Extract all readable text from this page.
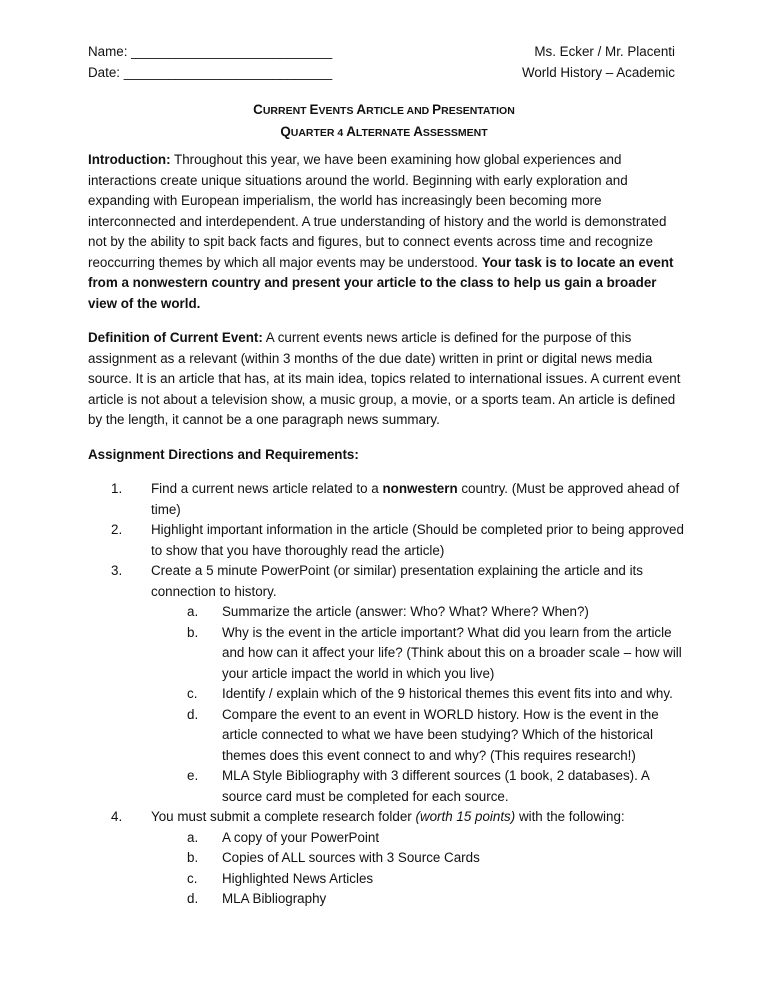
Name: ___________________________
Date: ____________________________
Ms. Ecker / Mr. Placenti
World History – Academic
CURRENT EVENTS ARTICLE AND PRESENTATION
QUARTER 4 ALTERNATE ASSESSMENT

Introduction: Throughout this year, we have been examining how global experiences and interactions create unique situations around the world. Beginning with early exploration and expanding with European imperialism, the world has increasingly been becoming more interconnected and interdependent. A true understanding of history and the world is demonstrated not by the ability to spit back facts and figures, but to connect events across time and recognize reoccurring themes by which all major events may be understood. Your task is to locate an event from a nonwestern country and present your article to the class to help us gain a broader view of the world.

Definition of Current Event: A current events news article is defined for the purpose of this assignment as a relevant (within 3 months of the due date) written in print or digital news media source. It is an article that has, at its main idea, topics related to international issues. A current event article is not about a television show, a music group, a movie, or a sports team. An article is defined by the length, it cannot be a one paragraph news summary.

Assignment Directions and Requirements:
1. Find a current news article related to a nonwestern country. (Must be approved ahead of time)
2. Highlight important information in the article (Should be completed prior to being approved to show that you have thoroughly read the article)
3. Create a 5 minute PowerPoint (or similar) presentation explaining the article and its connection to history.
a. Summarize the article (answer: Who? What? Where? When?)
b. Why is the event in the article important? What did you learn from the article and how can it affect your life? (Think about this on a broader scale – how will your article impact the world in which you live)
c. Identify / explain which of the 9 historical themes this event fits into and why.
d. Compare the event to an event in WORLD history. How is the event in the article connected to what we have been studying? Which of the historical themes does this event connect to and why? (This requires research!)
e. MLA Style Bibliography with 3 different sources (1 book, 2 databases). A source card must be completed for each source.
4. You must submit a complete research folder (worth 15 points) with the following:
a. A copy of your PowerPoint
b. Copies of ALL sources with 3 Source Cards
c. Highlighted News Articles
d. MLA Bibliography
